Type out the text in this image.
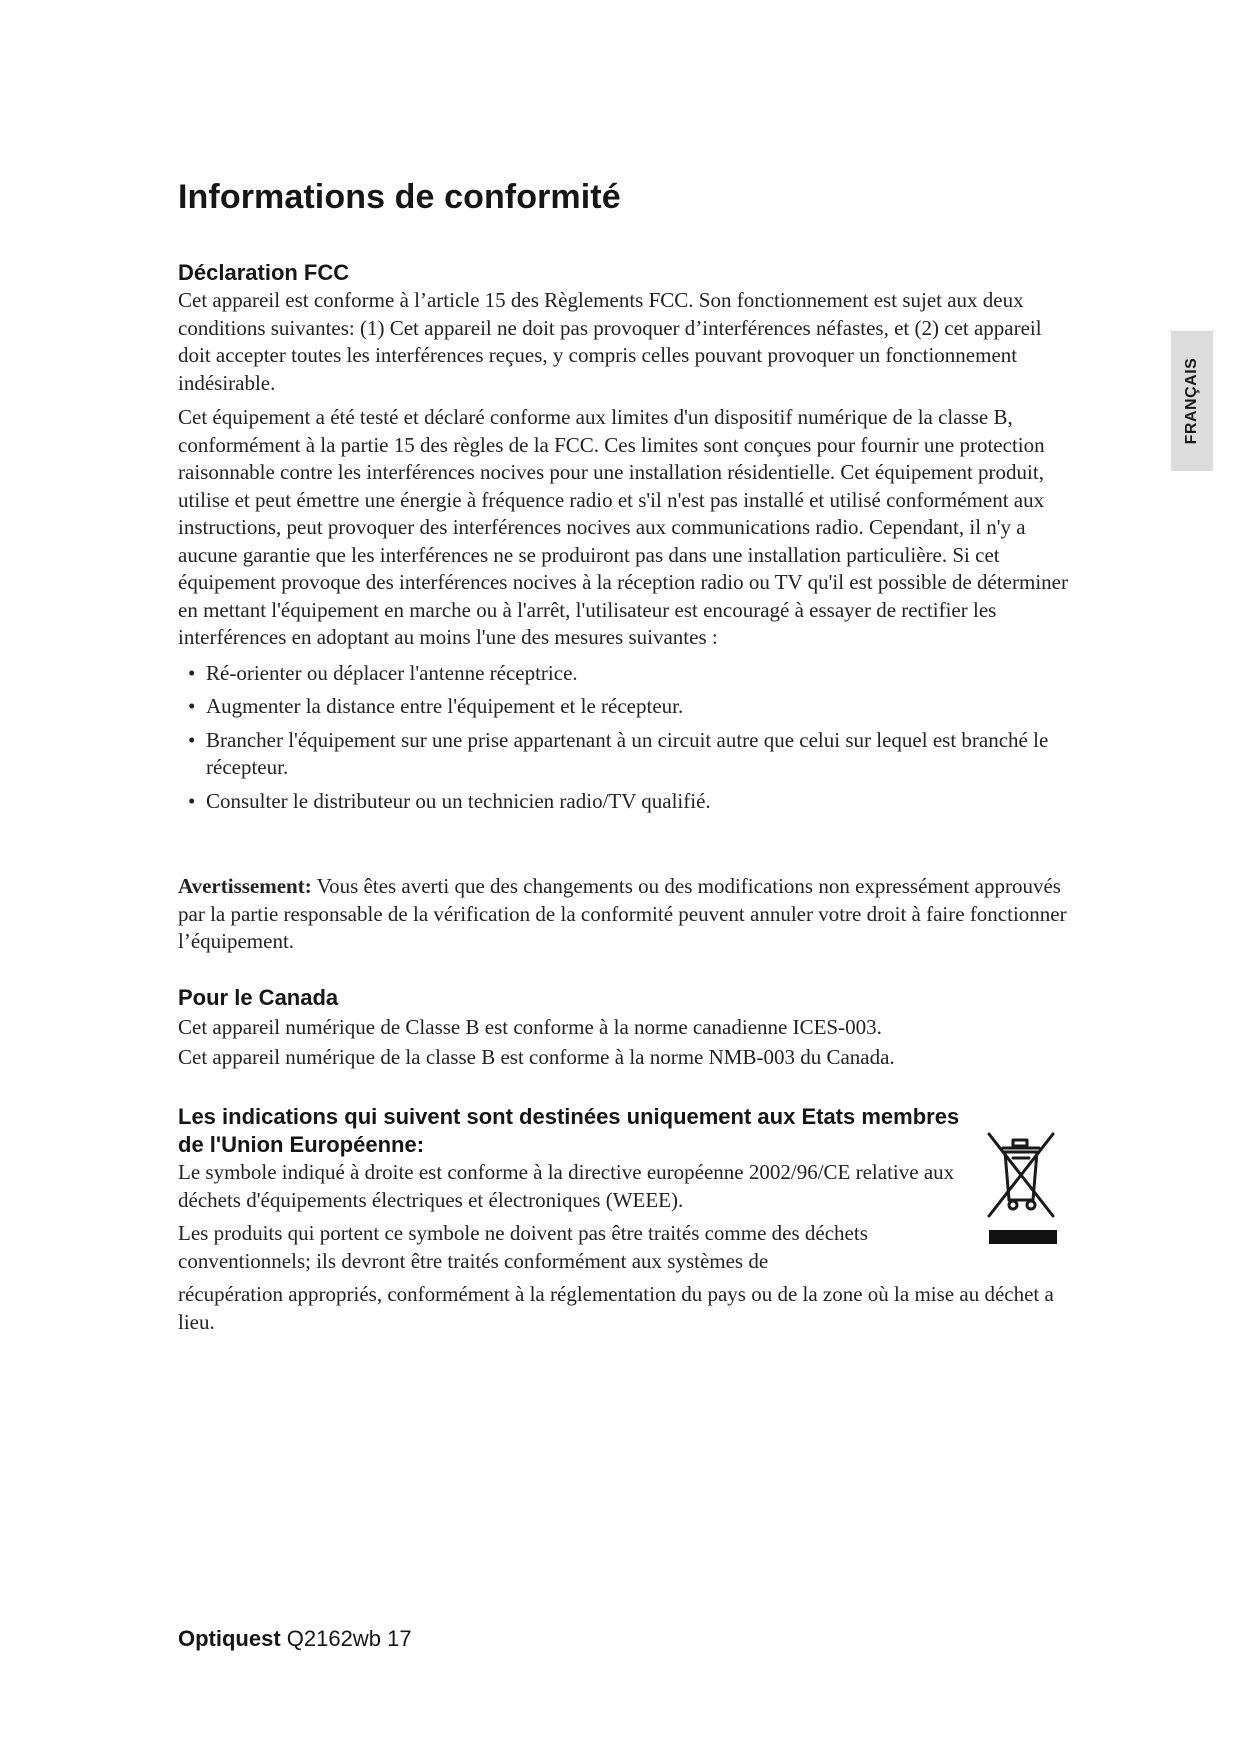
Informations de conformité
FRANÇAIS
Déclaration FCC

Cet appareil est conforme à l’article 15 des Règlements FCC. Son fonctionnement est sujet aux deux conditions suivantes: (1) Cet appareil ne doit pas provoquer d’interférences néfastes, et (2) cet appareil doit accepter toutes les interférences reçues, y compris celles pouvant provoquer un fonctionnement indésirable.

Cet équipement a été testé et déclaré conforme aux limites d'un dispositif numérique de la classe B, conformément à la partie 15 des règles de la FCC. Ces limites sont conçues pour fournir une protection raisonnable contre les interférences nocives pour une installation résidentielle. Cet équipement produit, utilise et peut émettre une énergie à fréquence radio et s'il n'est pas installé et utilisé conformément aux instructions, peut provoquer des interférences nocives aux communications radio. Cependant, il n'y a aucune garantie que les interférences ne se produiront pas dans une installation particulière. Si cet équipement provoque des interférences nocives à la réception radio ou TV qu'il est possible de déterminer en mettant l'équipement en marche ou à l'arrêt, l'utilisateur est encouragé à essayer de rectifier les interférences en adoptant au moins l'une des mesures suivantes :

• Ré-orienter ou déplacer l'antenne réceptrice.
• Augmenter la distance entre l'équipement et le récepteur.
• Brancher l'équipement sur une prise appartenant à un circuit autre que celui sur lequel est branché le récepteur.
• Consulter le distributeur ou un technicien radio/TV qualifié.

Avertissement: Vous êtes averti que des changements ou des modifications non expressément approuvés par la partie responsable de la vérification de la conformité peuvent annuler votre droit à faire fonctionner l’équipement.

Pour le Canada

Cet appareil numérique de Classe B est conforme à la norme canadienne ICES-003.

Cet appareil numérique de la classe B est conforme à la norme NMB-003 du Canada.

Les indications qui suivent sont destinées uniquement aux Etats membres de l'Union Européenne:

Le symbole indiqué à droite est conforme à la directive européenne 2002/96/CE relative aux déchets d'équipements électriques et électroniques (WEEE).

Les produits qui portent ce symbole ne doivent pas être traités comme des déchets conventionnels; ils devront être traités conformément aux systèmes de

récupération appropriés, conformément à la réglementation du pays ou de la zone où la mise au déchet a lieu.

Optiquest Q2162wb 17
